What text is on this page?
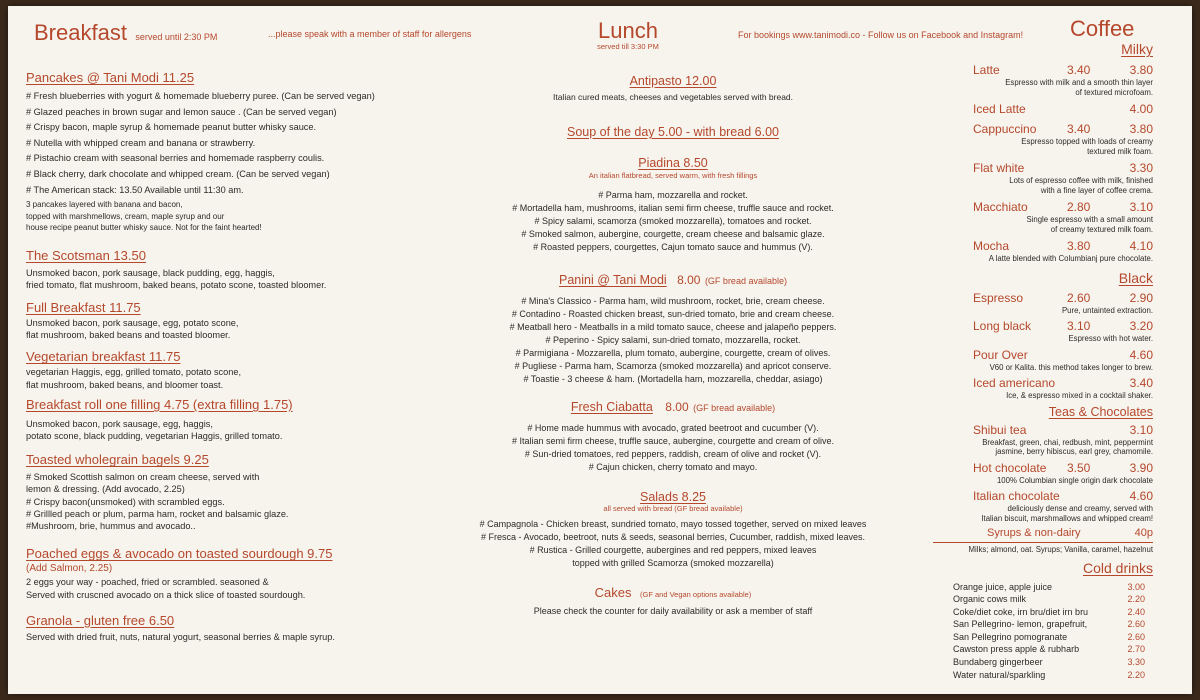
Breakfast served until 2:30 PM	...please speak with a member of staff for allergens	Lunch
served till 3:30 PM
For bookings www.tanimodi.co - Follow us on Facebook and Instagram! Coffee
Pancakes @ Tani Modi 11.25
# Fresh blueberries with yogurt & homemade blueberry puree. (Can be served vegan)
# Glazed peaches in brown sugar and lemon sauce . (Can be served vegan)
# Crispy bacon, maple syrup & homemade peanut butter whisky sauce.
# Nutella with whipped cream and banana or strawberry.
# Pistachio cream with seasonal berries and homemade raspberry coulis.
# Black cherry, dark chocolate and whipped cream. (Can be served vegan)
# The American stack: 13.50 Available until 11:30 am.
3 pancakes layered with banana and bacon,
topped with marshmellows, cream, maple syrup and our
house recipe peanut butter whisky sauce. Not for the faint hearted!
The Scotsman 13.50
Unsmoked bacon, pork sausage, black pudding, egg, haggis,
fried tomato, flat mushroom, baked beans, potato scone, toasted bloomer.
Full Breakfast 11.75
Unsmoked bacon, pork sausage, egg, potato scone,
flat mushroom, baked beans and toasted bloomer.
Vegetarian breakfast 11.75
vegetarian Haggis, egg, grilled tomato, potato scone,
flat mushroom, baked beans, and bloomer toast.
Breakfast roll one filling 4.75 (extra filling 1.75)
Unsmoked bacon, pork sausage, egg, haggis,
potato scone, black pudding, vegetarian Haggis, grilled tomato.
Toasted wholegrain bagels 9.25
# Smoked Scottish salmon on cream cheese, served with
lemon & dressing. (Add avocado, 2.25)
# Crispy bacon(unsmoked) with scrambled eggs.
# Grillled peach or plum, parma ham, rocket and balsamic glaze.
#Mushroom, brie, hummus and avocado..
Poached eggs & avocado on toasted sourdough 9.75
(Add Salmon, 2.25)
2 eggs your way - poached, fried or scrambled. seasoned &
Served with cruscned avocado on a thick slice of toasted sourdough.
Granola - gluten free 6.50
Served with dried fruit, nuts, natural yogurt, seasonal berries & maple syrup.
Antipasto 12.00
Italian cured meats, cheeses and vegetables served with bread.
Soup of the day 5.00 - with bread 6.00
Piadina 8.50
An italian flatbread, served warm, with fresh fillings
# Parma ham, mozzarella and rocket.
# Mortadella ham, mushrooms, italian semi firm cheese, truffle sauce and rocket.
# Spicy salami, scamorza (smoked mozzarella), tomatoes and rocket.
# Smoked salmon, aubergine, courgette, cream cheese and balsamic glaze.
# Roasted peppers, courgettes, Cajun tomato sauce and hummus (V).
Panini @ Tani Modi 8.00 (GF bread available)
# Mina's Classico - Parma ham, wild mushroom, rocket, brie, cream cheese.
# Contadino - Roasted chicken breast, sun-dried tomato, brie and cream cheese.
# Meatball hero - Meatballs in a mild tomato sauce, cheese and jalapeño peppers.
# Peperino - Spicy salami, sun-dried tomato, mozzarella, rocket.
# Parmigiana - Mozzarella, plum tomato, aubergine, courgette, cream of olives.
# Pugliese - Parma ham, Scamorza (smoked mozzarella) and apricot conserve.
# Toastie - 3 cheese & ham. (Mortadella ham, mozzarella, cheddar, asiago)
Fresh Ciabatta 8.00 (GF bread available)
# Home made hummus with avocado, grated beetroot and cucumber (V).
# Italian semi firm cheese, truffle sauce, aubergine, courgette and cream of olive.
# Sun-dried tomatoes, red peppers, raddish, cream of olive and rocket (V).
# Cajun chicken, cherry tomato and mayo.
Salads 8.25
all served with bread (GF bread available)
# Campagnola - Chicken breast, sundried tomato, mayo tossed together, served on mixed leaves
# Fresca - Avocado, beetroot, nuts & seeds, seasonal berries, Cucumber, raddish, mixed leaves.
# Rustica - Grilled courgette, aubergines and red peppers, mixed leaves
topped with grilled Scamorza (smoked mozzarella)
Cakes (GF and Vegan options available)
Please check the counter for daily availability or ask a member of staff
Milky
Latte	3.40	3.80
Espresso with milk and a smooth thin layer
of textured microfoam.
Iced Latte	4.00
Cappuccino	3.40	3.80
Espresso topped with loads of creamy
textured milk foam.
Flat white	3.30
Lots of espresso coffee with milk, finished
with a fine layer of coffee crema.
Macchiato	2.80	3.10
Single espresso with a small amount
of creamy textured milk foam.
Mocha	3.80	4.10
A latte blended with Columbianj pure chocolate.
Black
Espresso	2.60	2.90
Pure, untainted extraction.
Long black	3.10	3.20
Espresso with hot water.
Pour Over	4.60
V60 or Kalita. this method takes longer to brew.
Iced americano	3.40
Ice, & espresso mixed in a cocktail shaker.
Teas & Chocolates
Shibui tea	3.10
Breakfast, green, chai, redbush, mint, peppermint
jasmine, berry hibiscus, earl grey, chamomile.
Hot chocolate 3.50	3.90
100% Columbian single origin dark chocolate
Italian chocolate	4.60
deliciously dense and creamy, served with
Italian biscuit, marshmallows and whipped cream!
Syrups & non-dairy	40p
Milks; almond, oat. Syrups; Vanilla, caramel, hazelnut
Cold drinks
Orange juice, apple juice	3.00
Organic cows milk	2.20
Coke/diet coke, irn bru/diet irn bru	2.40
San Pellegrino- lemon, grapefruit,	2.60
San Pellegrino pomogranate	2.60
Cawston press apple & rubharb	2.70
Bundaberg gingerbeer	3.30
Water natural/sparkling	2.20
